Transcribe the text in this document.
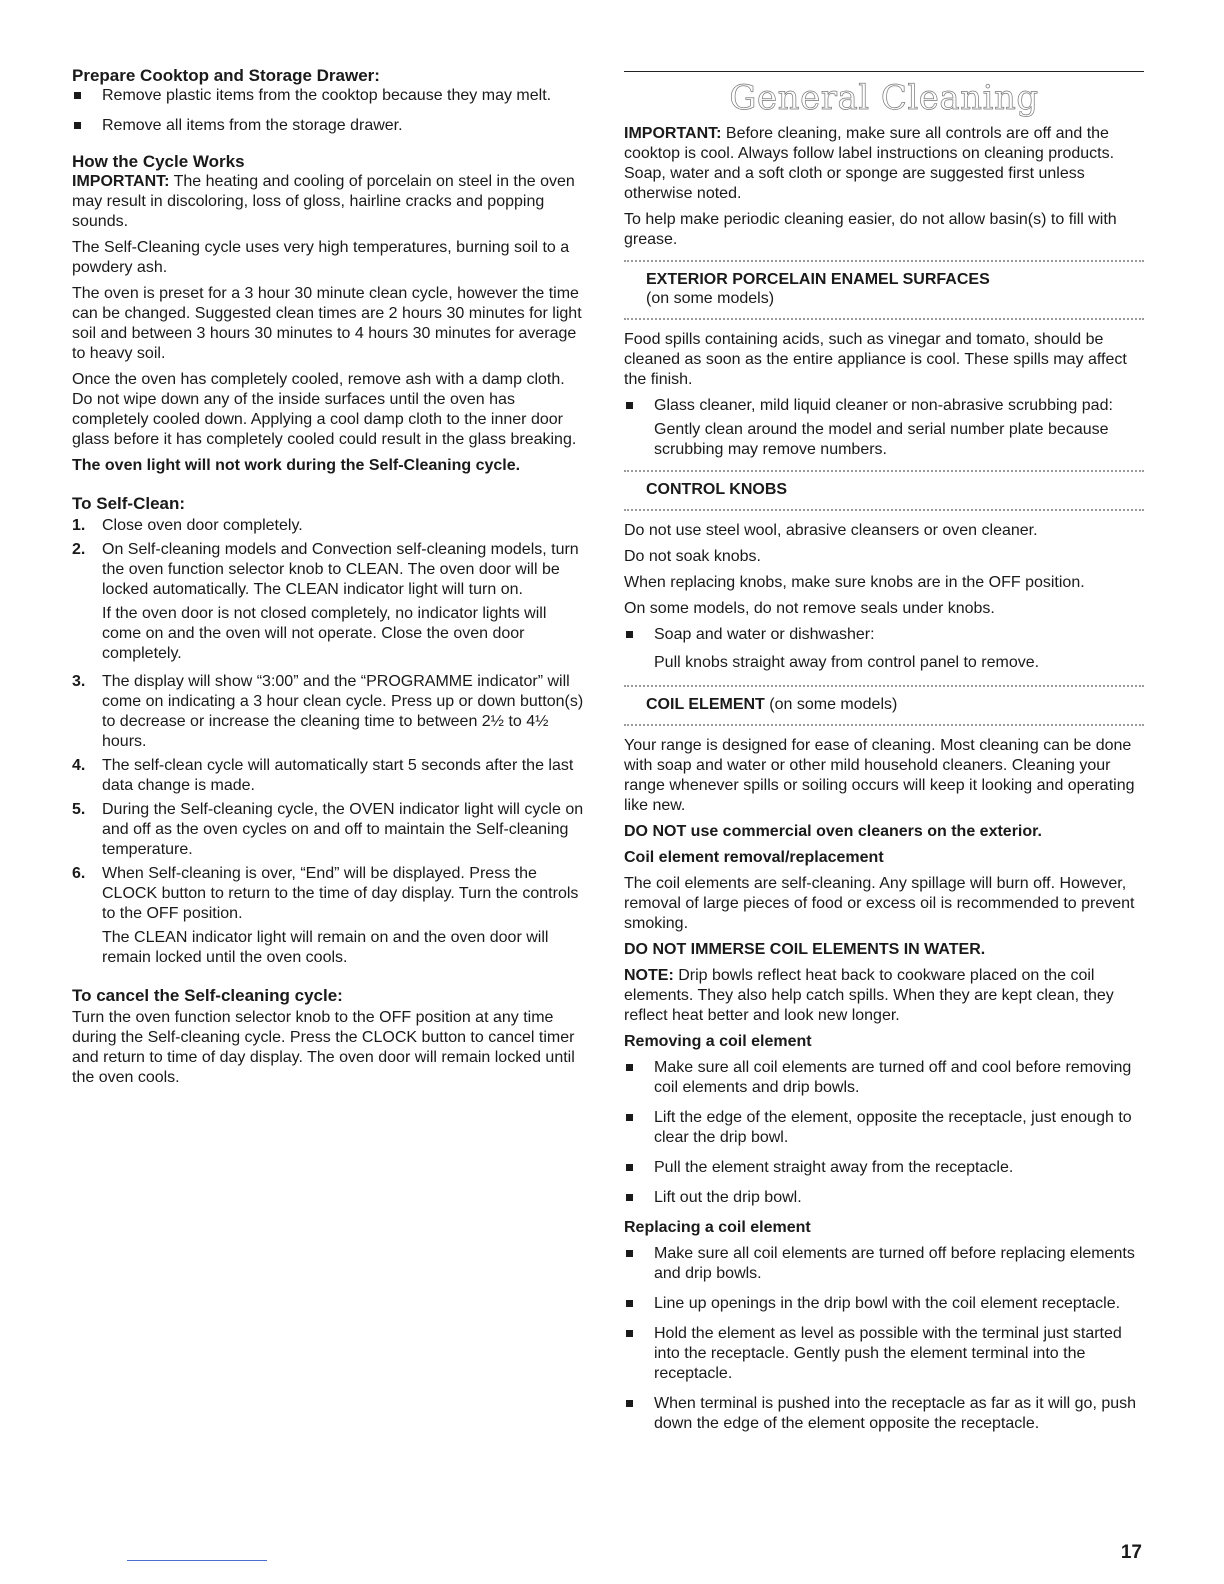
Prepare Cooktop and Storage Drawer:
Remove plastic items from the cooktop because they may melt.
Remove all items from the storage drawer.
How the Cycle Works

IMPORTANT: The heating and cooling of porcelain on steel in the oven may result in discoloring, loss of gloss, hairline cracks and popping sounds.

The Self-Cleaning cycle uses very high temperatures, burning soil to a powdery ash.

The oven is preset for a 3 hour 30 minute clean cycle, however the time can be changed. Suggested clean times are 2 hours 30 minutes for light soil and between 3 hours 30 minutes to 4 hours 30 minutes for average to heavy soil.

Once the oven has completely cooled, remove ash with a damp cloth. Do not wipe down any of the inside surfaces until the oven has completely cooled down. Applying a cool damp cloth to the inner door glass before it has completely cooled could result in the glass breaking.

The oven light will not work during the Self-Cleaning cycle.

To Self-Clean:
1. Close oven door completely.
2. On Self-cleaning models and Convection self-cleaning models, turn the oven function selector knob to CLEAN. The oven door will be locked automatically. The CLEAN indicator light will turn on.
If the oven door is not closed completely, no indicator lights will come on and the oven will not operate. Close the oven door completely.
3. The display will show “3:00” and the “PROGRAMME indicator” will come on indicating a 3 hour clean cycle. Press up or down button(s) to decrease or increase the cleaning time to between 2½ to 4½ hours.
4. The self-clean cycle will automatically start 5 seconds after the last data change is made.
5. During the Self-cleaning cycle, the OVEN indicator light will cycle on and off as the oven cycles on and off to maintain the Self-cleaning temperature.
6. When Self-cleaning is over, “End” will be displayed. Press the CLOCK button to return to the time of day display. Turn the controls to the OFF position.
The CLEAN indicator light will remain on and the oven door will remain locked until the oven cools.
To cancel the Self-cleaning cycle:

Turn the oven function selector knob to the OFF position at any time during the Self-cleaning cycle. Press the CLOCK button to cancel timer and return to time of day display. The oven door will remain locked until the oven cools.

General Cleaning

IMPORTANT: Before cleaning, make sure all controls are off and the cooktop is cool. Always follow label instructions on cleaning products. Soap, water and a soft cloth or sponge are suggested first unless otherwise noted.

To help make periodic cleaning easier, do not allow basin(s) to fill with grease.

EXTERIOR PORCELAIN ENAMEL SURFACES
(on some models)

Food spills containing acids, such as vinegar and tomato, should be cleaned as soon as the entire appliance is cool. These spills may affect the finish.

Glass cleaner, mild liquid cleaner or non-abrasive scrubbing pad:
Gently clean around the model and serial number plate because scrubbing may remove numbers.
CONTROL KNOBS

Do not use steel wool, abrasive cleansers or oven cleaner.

Do not soak knobs.

When replacing knobs, make sure knobs are in the OFF position.

On some models, do not remove seals under knobs.

Soap and water or dishwasher:
Pull knobs straight away from control panel to remove.
COIL ELEMENT (on some models)

Your range is designed for ease of cleaning. Most cleaning can be done with soap and water or other mild household cleaners. Cleaning your range whenever spills or soiling occurs will keep it looking and operating like new.

DO NOT use commercial oven cleaners on the exterior.

Coil element removal/replacement

The coil elements are self-cleaning. Any spillage will burn off. However, removal of large pieces of food or excess oil is recommended to prevent smoking.

DO NOT IMMERSE COIL ELEMENTS IN WATER.

NOTE: Drip bowls reflect heat back to cookware placed on the coil elements. They also help catch spills. When they are kept clean, they reflect heat better and look new longer.

Removing a coil element

Make sure all coil elements are turned off and cool before removing coil elements and drip bowls.
Lift the edge of the element, opposite the receptacle, just enough to clear the drip bowl.
Pull the element straight away from the receptacle.
Lift out the drip bowl.

Replacing a coil element

Make sure all coil elements are turned off before replacing elements and drip bowls.
Line up openings in the drip bowl with the coil element receptacle.
Hold the element as level as possible with the terminal just started into the receptacle. Gently push the element terminal into the receptacle.
When terminal is pushed into the receptacle as far as it will go, push down the edge of the element opposite the receptacle.
17
